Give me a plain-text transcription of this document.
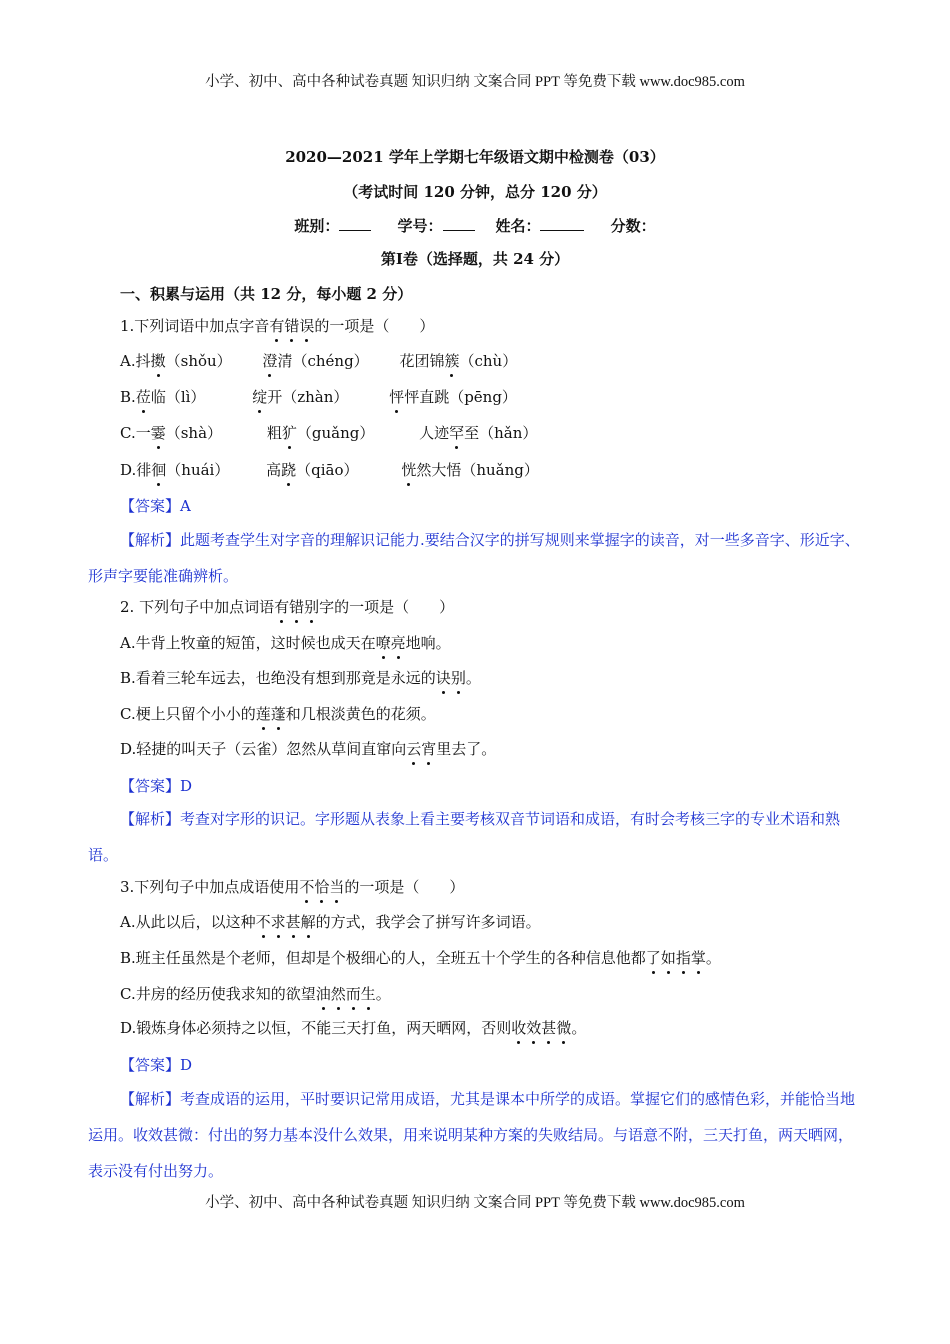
小学、初中、高中各种试卷真题 知识归纳 文案合同 PPT 等免费下载 www.doc985.com
2020—2021 学年上学期七年级语文期中检测卷（03）
（考试时间 120 分钟，总分 120 分）
班别：	学号：	姓名：	分数：
第Ⅰ卷（选择题，共 24 分）
一、积累与运用（共 12 分，每小题 2 分）
1.下列词语中加点字音有错误的一项是（　　）
A.抖擞（shǒu） 澄清（chéng） 花团锦簇（chù）
B.莅临（lì）	绽开（zhàn）	怦怦直跳（pēng）
C.一霎（shà）	粗犷（guǎng）	人迹罕至（hǎn）
D.徘徊（huái） 高跷（qiāo）	恍然大悟（huǎng）
【答案】A
【解析】此题考查学生对字音的理解识记能力.要结合汉字的拼写规则来掌握字的读音，对一些多音字、形近字、形声字要能准确辨析。
2. 下列句子中加点词语有错别字的一项是（　　）
A.牛背上牧童的短笛，这时候也成天在嘹亮地响。
B.看着三轮车远去，也绝没有想到那竟是永远的诀别。
C.梗上只留个小小的莲蓬和几根淡黄色的花须。
D.轻捷的叫天子（云雀）忽然从草间直窜向云宵里去了。
【答案】D
【解析】考查对字形的识记。字形题从表象上看主要考核双音节词语和成语，有时会考核三字的专业术语和熟语。
3.下列句子中加点成语使用不恰当的一项是（　　）
A.从此以后，以这种不求甚解的方式，我学会了拼写许多词语。
B.班主任虽然是个老师，但却是个极细心的人，全班五十个学生的各种信息他都了如指掌。
C.井房的经历使我求知的欲望油然而生。
D.锻炼身体必须持之以恒，不能三天打鱼，两天晒网，否则收效甚微。
【答案】D
【解析】考查成语的运用，平时要识记常用成语，尤其是课本中所学的成语。掌握它们的感情色彩，并能恰当地运用。收效甚微：付出的努力基本没什么效果，用来说明某种方案的失败结局。与语意不附，三天打鱼，两天晒网，表示没有付出努力。
小学、初中、高中各种试卷真题 知识归纳 文案合同 PPT 等免费下载 www.doc985.com
